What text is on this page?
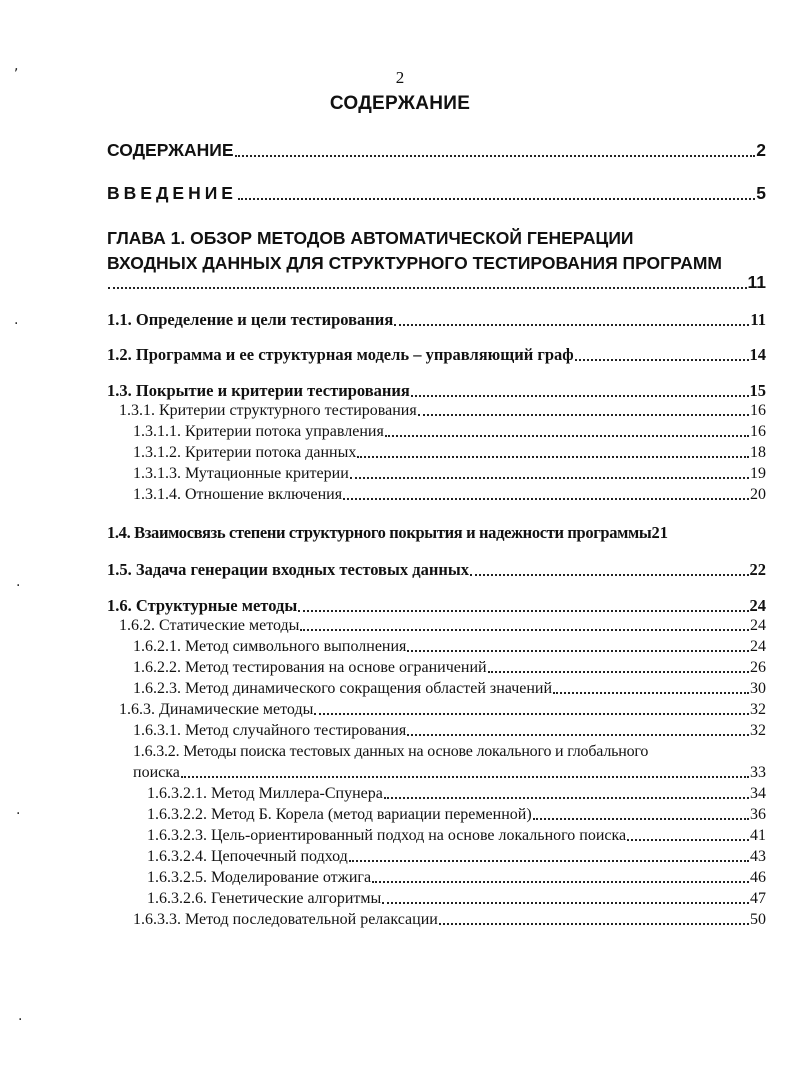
2
СОДЕРЖАНИЕ
,
·
·
·
·
СОДЕРЖАНИЕ	2
ВВЕДЕНИЕ	5
ГЛАВА 1. ОБЗОР МЕТОДОВ АВТОМАТИЧЕСКОЙ ГЕНЕРАЦИИ
ВХОДНЫХ ДАННЫХ ДЛЯ СТРУКТУРНОГО ТЕСТИРОВАНИЯ ПРОГРАММ
11
1.1. Определение и цели тестирования	11
1.2. Программа и ее структурная модель – управляющий граф	14
1.3. Покрытие и критерии тестирования	15
1.3.1. Критерии структурного тестирования	16
1.3.1.1. Критерии потока управления	16
1.3.1.2. Критерии потока данных	18
1.3.1.3. Мутационные критерии	19
1.3.1.4. Отношение включения	20
1.4. Взаимосвязь степени структурного покрытия и надежности программы 21
1.5. Задача генерации входных тестовых данных	22
1.6. Структурные методы	24
1.6.2. Статические методы	24
1.6.2.1. Метод символьного выполнения	24
1.6.2.2. Метод тестирования на основе ограничений	26
1.6.2.3. Метод динамического сокращения областей значений	30
1.6.3. Динамические методы	32
1.6.3.1. Метод случайного тестирования	32
1.6.3.2. Методы поиска тестовых данных на основе локального и глобального
поиска	33
1.6.3.2.1. Метод Миллера-Спунера	34
1.6.3.2.2. Метод Б. Корела (метод вариации переменной)	36
1.6.3.2.3. Цель-ориентированный подход на основе локального поиска	41
1.6.3.2.4. Цепочечный подход	43
1.6.3.2.5. Моделирование отжига	46
1.6.3.2.6. Генетические алгоритмы	47
1.6.3.3. Метод последовательной релаксации	50
